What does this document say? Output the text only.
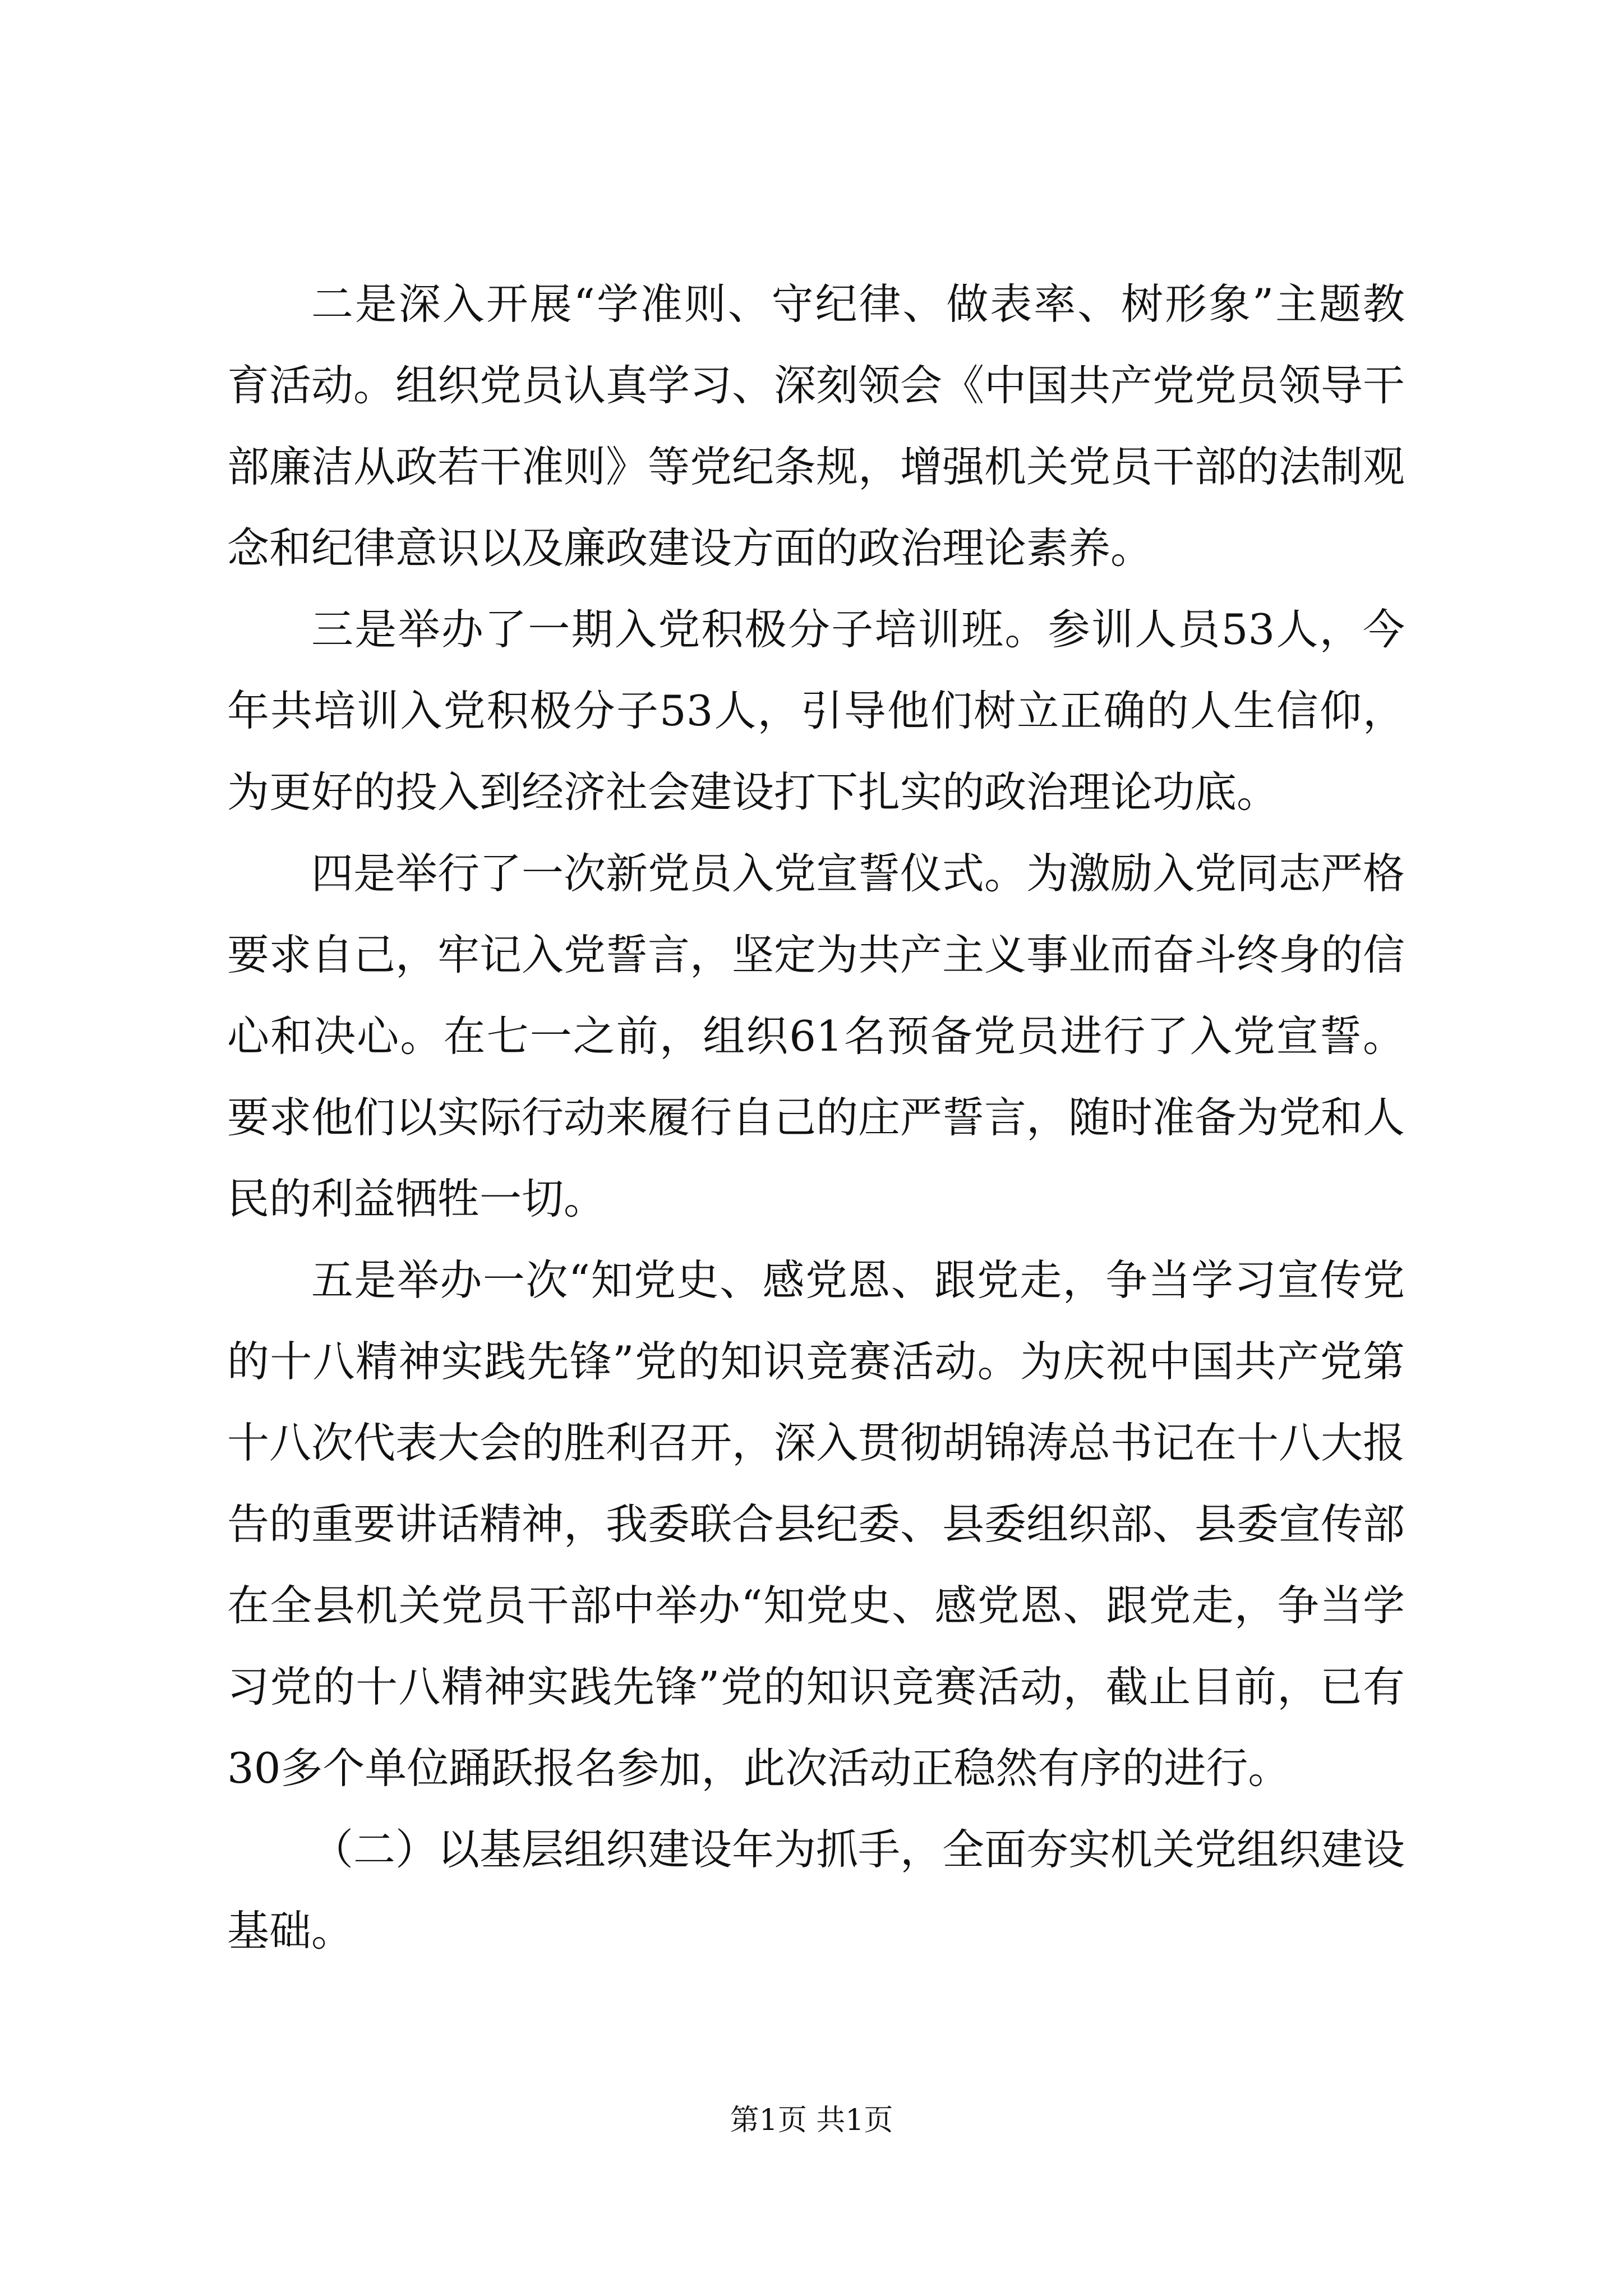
二是深入开展“学准则、守纪律、做表率、树形象”主题教育活动。组织党员认真学习、深刻领会《中国共产党党员领导干部廉洁从政若干准则》等党纪条规，增强机关党员干部的法制观念和纪律意识以及廉政建设方面的政治理论素养。

三是举办了一期入党积极分子培训班。参训人员53人，今年共培训入党积极分子53人，引导他们树立正确的人生信仰，为更好的投入到经济社会建设打下扎实的政治理论功底。

四是举行了一次新党员入党宣誓仪式。为激励入党同志严格要求自己，牢记入党誓言，坚定为共产主义事业而奋斗终身的信心和决心。在七一之前，组织61名预备党员进行了入党宣誓。要求他们以实际行动来履行自己的庄严誓言，随时准备为党和人民的利益牺牲一切。

五是举办一次“知党史、感党恩、跟党走，争当学习宣传党的十八精神实践先锋”党的知识竞赛活动。为庆祝中国共产党第十八次代表大会的胜利召开，深入贯彻胡锦涛总书记在十八大报告的重要讲话精神，我委联合县纪委、县委组织部、县委宣传部在全县机关党员干部中举办“知党史、感党恩、跟党走，争当学习党的十八精神实践先锋”党的知识竞赛活动，截止目前，已有30多个单位踊跃报名参加，此次活动正稳然有序的进行。

（二）以基层组织建设年为抓手，全面夯实机关党组织建设基础。

第1页 共1页
